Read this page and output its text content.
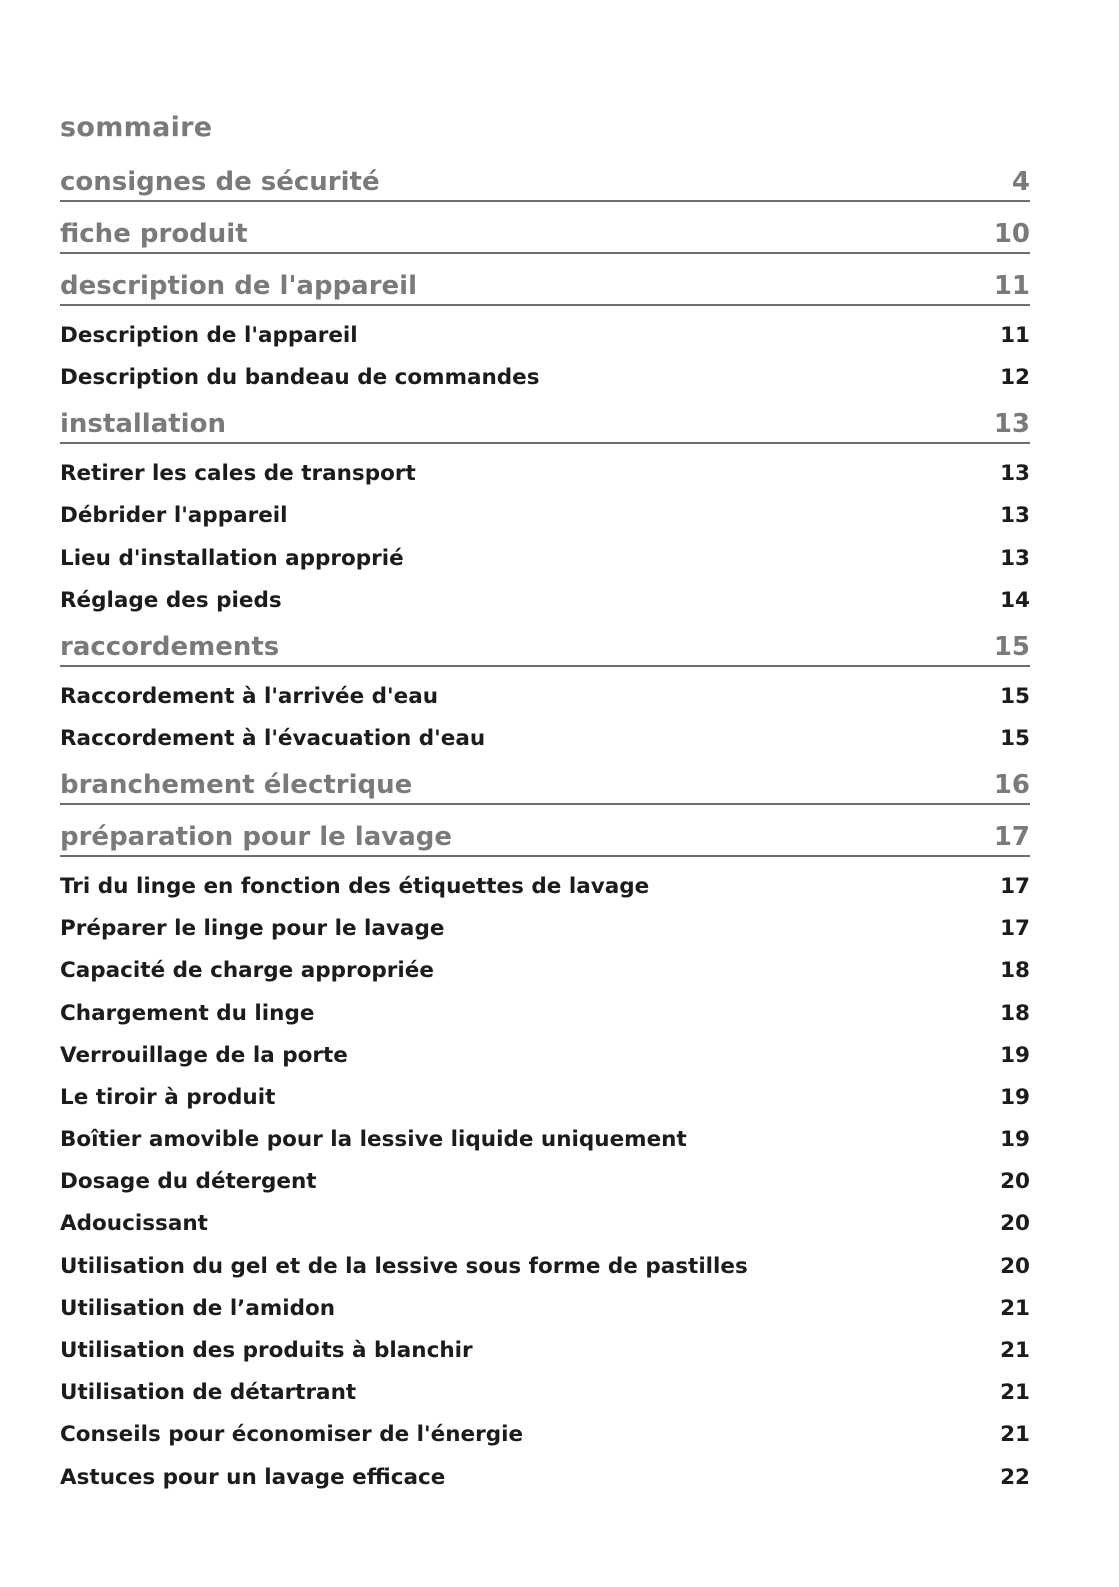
sommaire
consignes de sécurité	4
fiche produit	10
description de l'appareil	11
Description de l'appareil	11
Description du bandeau de commandes	12
installation	13
Retirer les cales de transport	13
Débrider l'appareil	13
Lieu d'installation approprié	13
Réglage des pieds	14
raccordements	15
Raccordement à l'arrivée d'eau	15
Raccordement à l'évacuation d'eau	15
branchement électrique	16
préparation pour le lavage	17
Tri du linge en fonction des étiquettes de lavage	17
Préparer le linge pour le lavage	17
Capacité de charge appropriée	18
Chargement du linge	18
Verrouillage de la porte	19
Le tiroir à produit	19
Boîtier amovible pour la lessive liquide uniquement	19
Dosage du détergent	20
Adoucissant	20
Utilisation du gel et de la lessive sous forme de pastilles	20
Utilisation de l’amidon	21
Utilisation des produits à blanchir	21
Utilisation de détartrant	21
Conseils pour économiser de l'énergie	21
Astuces pour un lavage efficace	22
